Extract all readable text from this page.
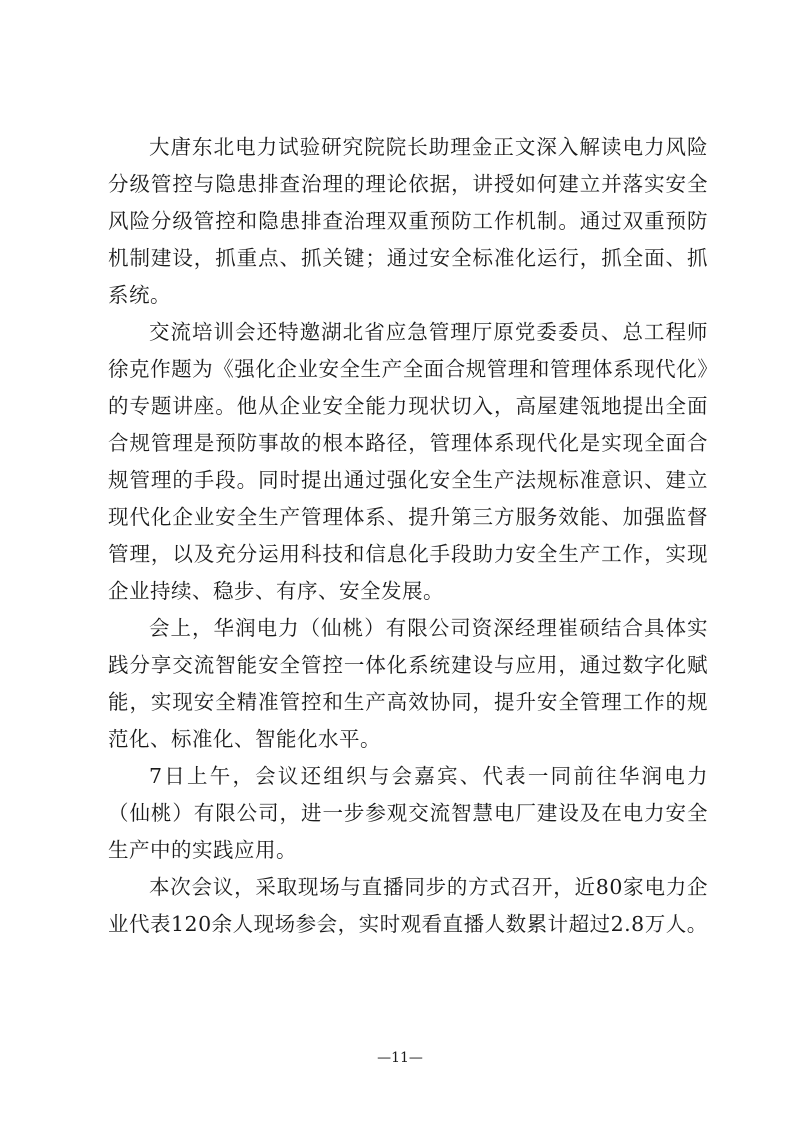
大唐东北电力试验研究院院长助理金正文深入解读电力风险分级管控与隐患排查治理的理论依据，讲授如何建立并落实安全风险分级管控和隐患排查治理双重预防工作机制。通过双重预防机制建设，抓重点、抓关键；通过安全标准化运行，抓全面、抓系统。

交流培训会还特邀湖北省应急管理厅原党委委员、总工程师徐克作题为《强化企业安全生产全面合规管理和管理体系现代化》的专题讲座。他从企业安全能力现状切入，高屋建瓴地提出全面合规管理是预防事故的根本路径，管理体系现代化是实现全面合规管理的手段。同时提出通过强化安全生产法规标准意识、建立现代化企业安全生产管理体系、提升第三方服务效能、加强监督管理，以及充分运用科技和信息化手段助力安全生产工作，实现企业持续、稳步、有序、安全发展。

会上，华润电力（仙桃）有限公司资深经理崔硕结合具体实践分享交流智能安全管控一体化系统建设与应用，通过数字化赋能，实现安全精准管控和生产高效协同，提升安全管理工作的规范化、标准化、智能化水平。

7日上午，会议还组织与会嘉宾、代表一同前往华润电力（仙桃）有限公司，进一步参观交流智慧电厂建设及在电力安全生产中的实践应用。

本次会议，采取现场与直播同步的方式召开，近80家电力企业代表120余人现场参会，实时观看直播人数累计超过2.8万人。

—11—
